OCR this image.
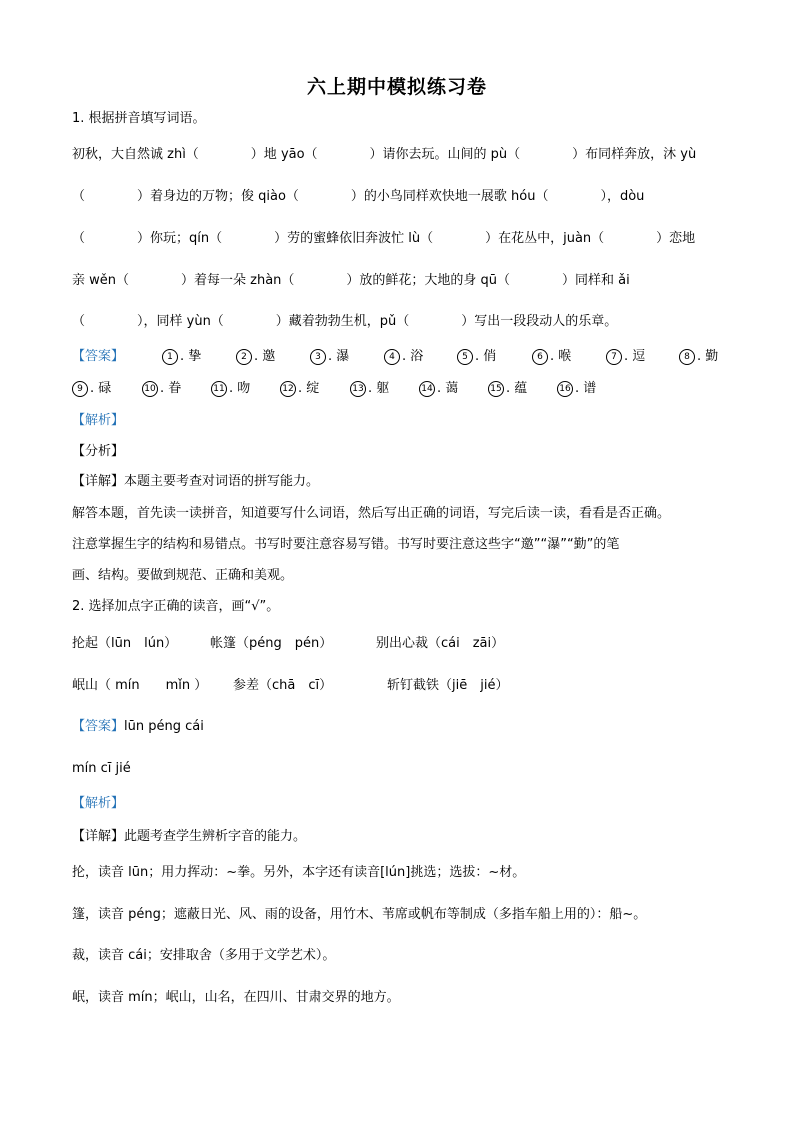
六上期中模拟练习卷
1. 根据拼音填写词语。
初秋，大自然诚 zhì（　　　　）地 yāo（　　　　）请你去玩。山间的 pù（　　　　）布同样奔放，沐 yù
（　　　　）着身边的万物；俊 qiào（　　　　）的小鸟同样欢快地一展歌 hóu（　　　　），dòu
（　　　　）你玩；qín（　　　　）劳的蜜蜂依旧奔波忙 lù（　　　　）在花丛中，juàn（　　　　）恋地
亲 wěn（　　　　）着每一朵 zhàn（　　　　）放的鲜花；大地的身 qū（　　　　）同样和 ǎi
（　　　　），同样 yùn（　　　　）藏着勃勃生机，pǔ（　　　　）写出一段段动人的乐章。
【答案】	1 . 挚	2 . 邀	3 . 瀑	4 . 浴	5 . 俏	6 . 喉	7 . 逗	8 . 勤
9 . 碌	10 . 眷	11 . 吻	12 . 绽	13 . 躯	14 . 蔼	15 . 蕴	16 . 谱
【解析】
【分析】
【详解】本题主要考查对词语的拼写能力。
解答本题，首先读一读拼音，知道要写什么词语，然后写出正确的词语，写完后读一读，看看是否正确。
注意掌握生字的结构和易错点。书写时要注意容易写错。书写时要注意这些字“邀”“瀑”“勤”的笔
画、结构。要做到规范、正确和美观。
2. 选择加点字正确的读音，画“√”。
抡起（lūn　lún）	帐篷（péng　pén）	别出心裁（cái　zāi）
岷山（ mín　　mǐn ） 参差（chā　cī）	斩钉截铁（jiē　jié）
【答案】lūn péng cái
mín cī jié
【解析】
【详解】此题考查学生辨析字音的能力。
抡，读音 lūn；用力挥动：~拳。另外，本字还有读音[lún]挑选；选拔：~材。
篷，读音 péng；遮蔽日光、风、雨的设备，用竹木、苇席或帆布等制成（多指车船上用的）：船~。
裁，读音 cái；安排取舍（多用于文学艺术）。
岷，读音 mín；岷山，山名，在四川、甘肃交界的地方。
